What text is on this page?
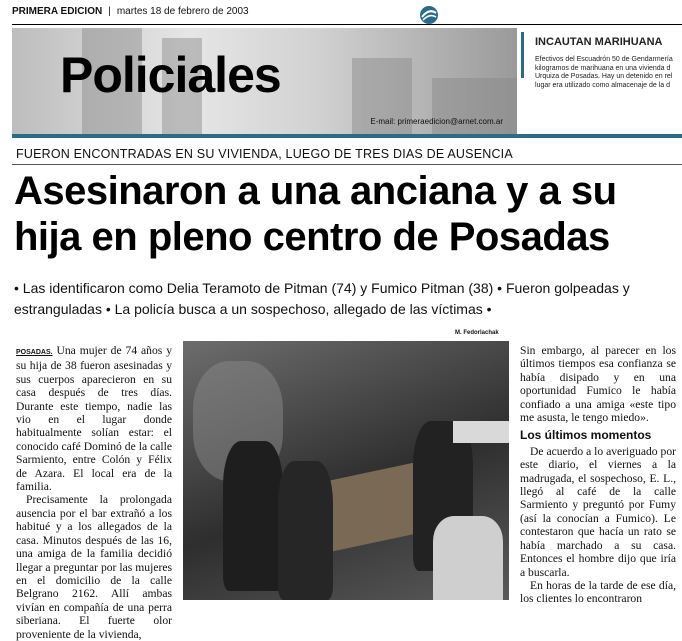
PRIMERA EDICION | martes 18 de febrero de 2003
Policiales
E-mail: primeraedicion@arnet.com.ar
INCAUTAN MARIHUANA
Efectivos del Escuadrón 50 de Gendarmería kilogramos de marihuana en una vivienda d Urquiza de Posadas. Hay un detenido en rel lugar era utilizado como almacenaje de la d
FUERON ENCONTRADAS EN SU VIVIENDA, LUEGO DE TRES DIAS DE AUSENCIA
Asesinaron a una anciana y a su hija en pleno centro de Posadas
• Las identificaron como Delia Teramoto de Pitman (74) y Fumico Pitman (38) • Fueron golpeadas y estranguladas • La policía busca a un sospechoso, allegado de las víctimas •
M. Fedorlachak

POSADAS. Una mujer de 74 años y su hija de 38 fueron asesinadas y sus cuerpos aparecieron en su casa después de tres días. Durante este tiempo, nadie las vio en el lugar donde habitualmente solían estar: el conocido café Dominó de la calle Sarmiento, entre Colón y Félix de Azara. El local era de la familia.

Precisamente la prolongada ausencia por el bar extrañó a los habitué y a los allegados de la casa. Minutos después de las 16, una amiga de la familia decidió llegar a preguntar por las mujeres en el domicilio de la calle Belgrano 2162. Allí ambas vivían en compañía de una perra siberiana. El fuerte olor proveniente de la vivienda,

Sin embargo, al parecer en los últimos tiempos esa confianza se había disipado y en una oportunidad Fumico le había confiado a una amiga «este tipo me asusta, le tengo miedo».

Los últimos momentos

De acuerdo a lo averiguado por este diario, el viernes a la madrugada, el sospechoso, E. L., llegó al café de la calle Sarmiento y preguntó por Fumy (así la conocían a Fumico). Le contestaron que hacía un rato se había marchado a su casa. Entonces el hombre dijo que iría a buscarla.

En horas de la tarde de ese día, los clientes lo encontraron
